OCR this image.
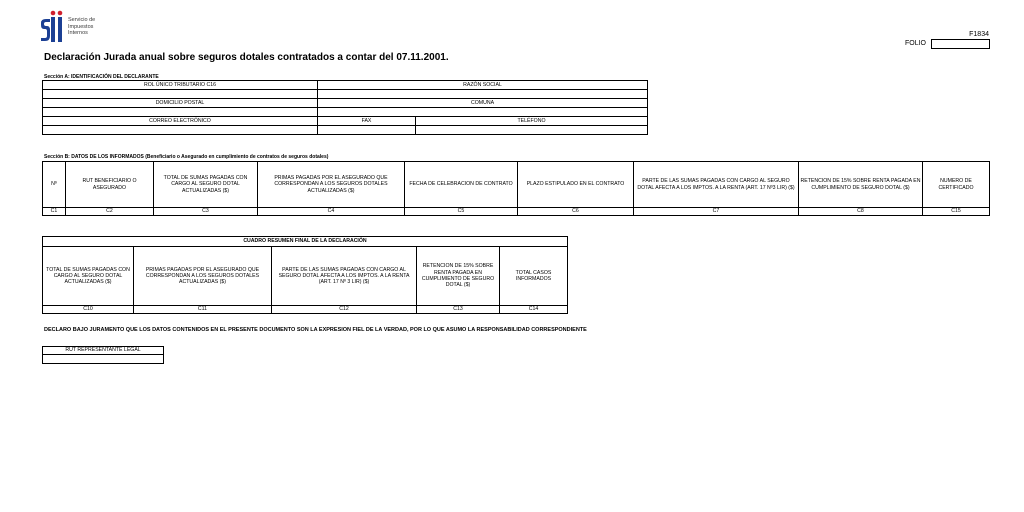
Servicio de
Impuestos
Internos	F1834
FOLIO
Declaración Jurada anual sobre seguros dotales contratados a contar del 07.11.2001.
Sección A: IDENTIFICACIÓN DEL DECLARANTE
ROL ÚNICO TRIBUTARIO C16	RAZÓN SOCIAL	

DOMICILIO POSTAL	COMUNA	

CORREO ELECTRÓNICO	FAX	TELÉFONO

Sección B: DATOS DE LOS INFORMADOS (Beneficiario o Asegurado en cumplimiento de contratos de seguros dotales)
Nº	RUT BENEFICIARIO O ASEGURADO	TOTAL DE SUMAS PAGADAS CON CARGO AL SEGURO DOTAL ACTUALIZADAS ($)	PRIMAS PAGADAS POR EL ASEGURADO QUE CORRESPONDAN A LOS SEGUROS DOTALES ACTUALIZADAS ($)	FECHA DE CELEBRACION DE CONTRATO	PLAZO ESTIPULADO EN EL CONTRATO	PARTE DE LAS SUMAS PAGADAS CON CARGO AL SEGURO DOTAL AFECTA A LOS IMPTOS. A LA RENTA (ART. 17 Nº3 LIR) ($)	RETENCION DE 15% SOBRE RENTA PAGADA EN CUMPLIMIENTO DE SEGURO DOTAL ($)	NUMERO DE CERTIFICADO
C1	C2	C3	C4	C5	C6	C7	C8	C15
CUADRO RESUMEN FINAL DE LA DECLARACIÓN				
TOTAL DE SUMAS PAGADAS CON CARGO AL SEGURO DOTAL ACTUALIZADAS ($)	PRIMAS PAGADAS POR EL ASEGURADO QUE CORRESPONDAN A LOS SEGUROS DOTALES ACTUALIZADAS ($)	PARTE DE LAS SUMAS PAGADAS CON CARGO AL SEGURO DOTAL AFECTA A LOS IMPTOS. A LA RENTA (ART. 17 Nº 3 LIR) ($)	RETENCION DE 15% SOBRE RENTA PAGADA EN CUMPLIMIENTO DE SEGURO DOTAL ($)	TOTAL CASOS INFORMADOS
C10	C11	C12	C13	C14
DECLARO BAJO JURAMENTO QUE LOS DATOS CONTENIDOS EN EL PRESENTE DOCUMENTO SON LA EXPRESION FIEL DE LA VERDAD, POR LO QUE ASUMO LA RESPONSABILIDAD CORRESPONDIENTE
RUT REPRESENTANTE LEGAL
